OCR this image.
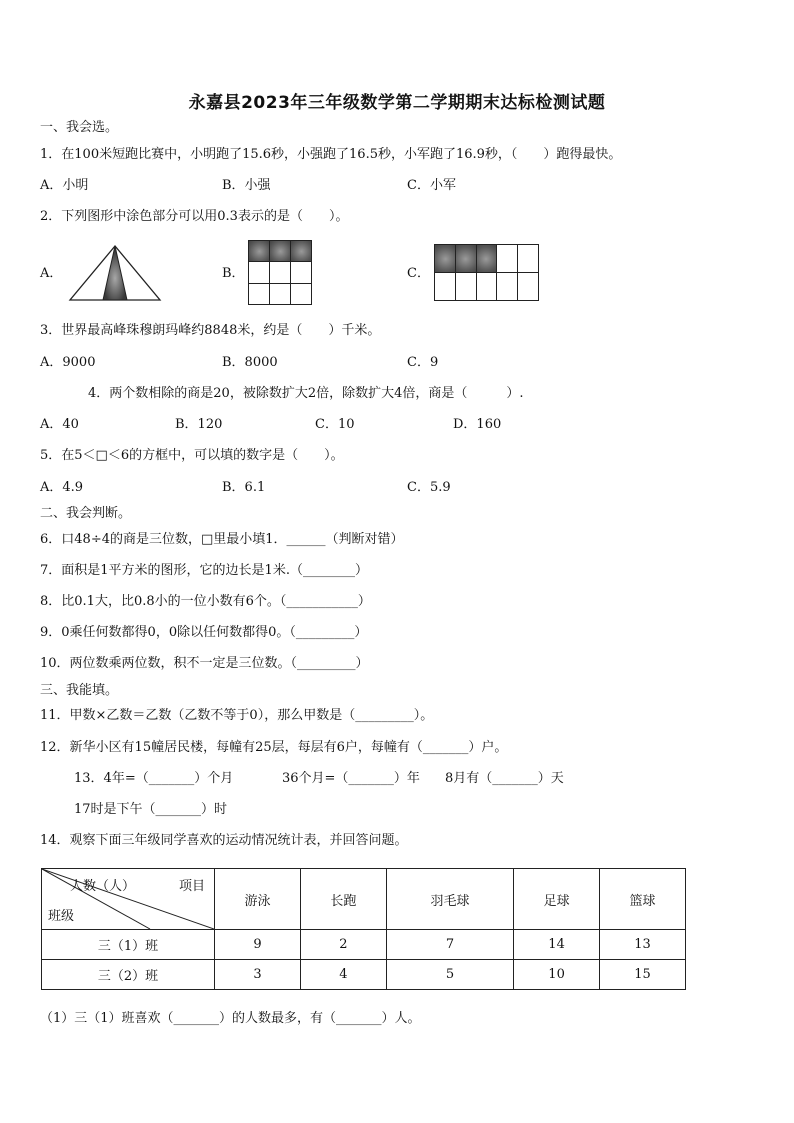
永嘉县2023年三年级数学第二学期期末达标检测试题
一、我会选。
1．在100米短跑比赛中，小明跑了15.6秒，小强跑了16.5秒，小军跑了16.9秒，（　　）跑得最快。
A．小明	B．小强	C．小军
2．下列图形中涂色部分可以用0.3表示的是（　　）。
A．	B．

			C．

3．世界最高峰珠穆朗玛峰约8848米，约是（　　）千米。
A．9000	B．8000	C．9
4．两个数相除的商是20，被除数扩大2倍，除数扩大4倍，商是（　　　）.
A．40	B．120	C．10	D．160
5．在5＜□＜6的方框中，可以填的数字是（　　）。
A．4.9	B．6.1	C．5.9
二、我会判断。
6．口48÷4的商是三位数，□里最小填1．______（判断对错）
7．面积是1平方米的图形，它的边长是1米.（________）
8．比0.1大，比0.8小的一位小数有6个。（___________）
9．0乘任何数都得0，0除以任何数都得0。（_________）
10．两位数乘两位数，积不一定是三位数。（_________）
三、我能填。
11．甲数×乙数＝乙数（乙数不等于0），那么甲数是（_________）。
12．新华小区有15幢居民楼，每幢有25层，每层有6户，每幢有（_______）户。
13．4年=（_______）个月	36个月=（_______）年 8月有（_______）天
17时是下午（_______）时
14．观察下面三年级同学喜欢的运动情况统计表，并回答问题。
人数（人） 项目
班级	游泳	长跑	羽毛球	足球	篮球
三（1）班	9	2	7	14	13
三（2）班	3	4	5	10	15
（1）三（1）班喜欢（_______）的人数最多，有（_______）人。
